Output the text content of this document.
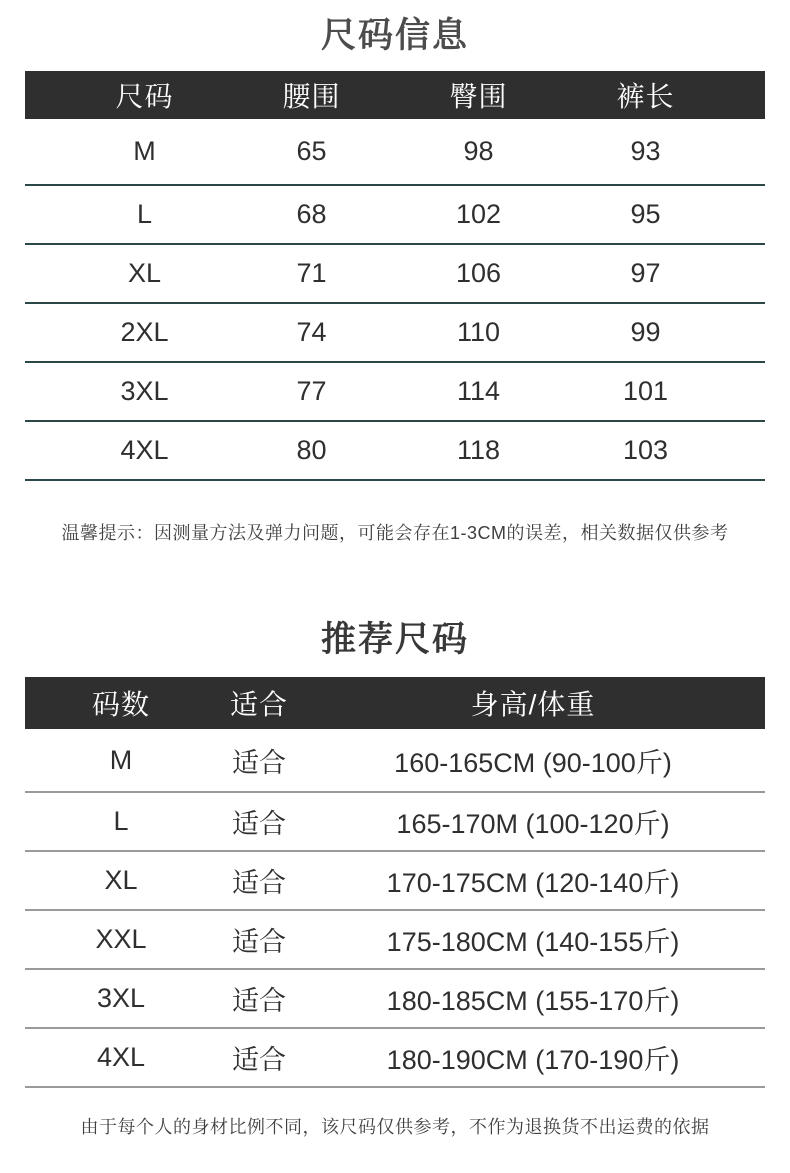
尺码信息
尺码	腰围	臀围	裤长
M	65	98	93
L	68	102	95
XL	71	106	97
2XL	74	110	99
3XL	77	114	101
4XL	80	118	103
温馨提示：因测量方法及弹力问题，可能会存在1-3CM的误差，相关数据仅供参考
推荐尺码
码数	适合	身高/体重
M	适合	160-165CM (90-100斤)
L	适合	165-170M (100-120斤)
XL	适合	170-175CM (120-140斤)
XXL	适合	175-180CM (140-155斤)
3XL	适合	180-185CM (155-170斤)
4XL	适合	180-190CM (170-190斤)
由于每个人的身材比例不同，该尺码仅供参考，不作为退换货不出运费的依据
